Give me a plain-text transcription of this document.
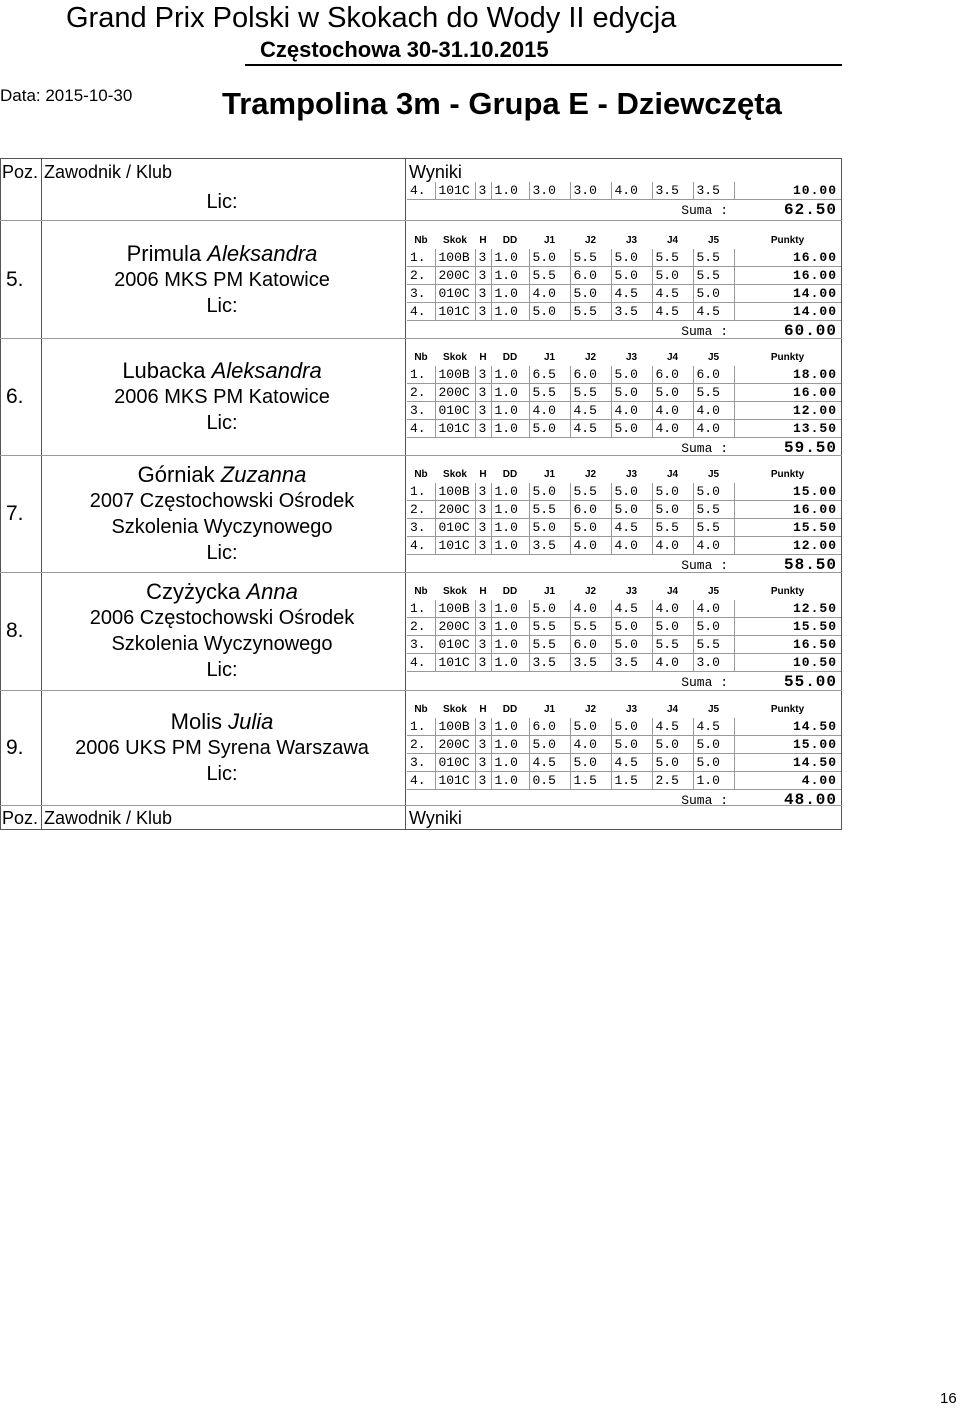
Grand Prix Polski w Skokach do Wody II edycja
Częstochowa 30-31.10.2015
Data: 2015-10-30	Trampolina 3m - Grupa E - Dziewczęta
Poz. Zawodnik / Klub	Wyniki
Lic:
4.	101C	3	1.0	3.0	3.0	4.0	3.5	3.5	10.00
Suma :									62.50
5.
Primula Aleksandra
2006 MKS PM Katowice
Lic:
Nb	Skok	H	DD	J1	J2	J3	J4	J5	Punkty
1.	100B	3	1.0	5.0	5.5	5.0	5.5	5.5	16.00
2.	200C	3	1.0	5.5	6.0	5.0	5.0	5.5	16.00
3.	010C	3	1.0	4.0	5.0	4.5	4.5	5.0	14.00
4.	101C	3	1.0	5.0	5.5	3.5	4.5	4.5	14.00
Suma :									60.00
6.
Lubacka Aleksandra
2006 MKS PM Katowice
Lic:
Nb	Skok	H	DD	J1	J2	J3	J4	J5	Punkty
1.	100B	3	1.0	6.5	6.0	5.0	6.0	6.0	18.00
2.	200C	3	1.0	5.5	5.5	5.0	5.0	5.5	16.00
3.	010C	3	1.0	4.0	4.5	4.0	4.0	4.0	12.00
4.	101C	3	1.0	5.0	4.5	5.0	4.0	4.0	13.50
Suma :									59.50
7.
Górniak Zuzanna
2007 Częstochowski Ośrodek
Szkolenia Wyczynowego
Lic:
Nb	Skok	H	DD	J1	J2	J3	J4	J5	Punkty
1.	100B	3	1.0	5.0	5.5	5.0	5.0	5.0	15.00
2.	200C	3	1.0	5.5	6.0	5.0	5.0	5.5	16.00
3.	010C	3	1.0	5.0	5.0	4.5	5.5	5.5	15.50
4.	101C	3	1.0	3.5	4.0	4.0	4.0	4.0	12.00
Suma :									58.50
8.
Czyżycka Anna
2006 Częstochowski Ośrodek
Szkolenia Wyczynowego
Lic:
Nb	Skok	H	DD	J1	J2	J3	J4	J5	Punkty
1.	100B	3	1.0	5.0	4.0	4.5	4.0	4.0	12.50
2.	200C	3	1.0	5.5	5.5	5.0	5.0	5.0	15.50
3.	010C	3	1.0	5.5	6.0	5.0	5.5	5.5	16.50
4.	101C	3	1.0	3.5	3.5	3.5	4.0	3.0	10.50
Suma :									55.00
9.
Molis Julia
2006 UKS PM Syrena Warszawa
Lic:
Nb	Skok	H	DD	J1	J2	J3	J4	J5	Punkty
1.	100B	3	1.0	6.0	5.0	5.0	4.5	4.5	14.50
2.	200C	3	1.0	5.0	4.0	5.0	5.0	5.0	15.00
3.	010C	3	1.0	4.5	5.0	4.5	5.0	5.0	14.50
4.	101C	3	1.0	0.5	1.5	1.5	2.5	1.0	4.00
Suma :									48.00
Poz. Zawodnik / Klub	Wyniki
16
